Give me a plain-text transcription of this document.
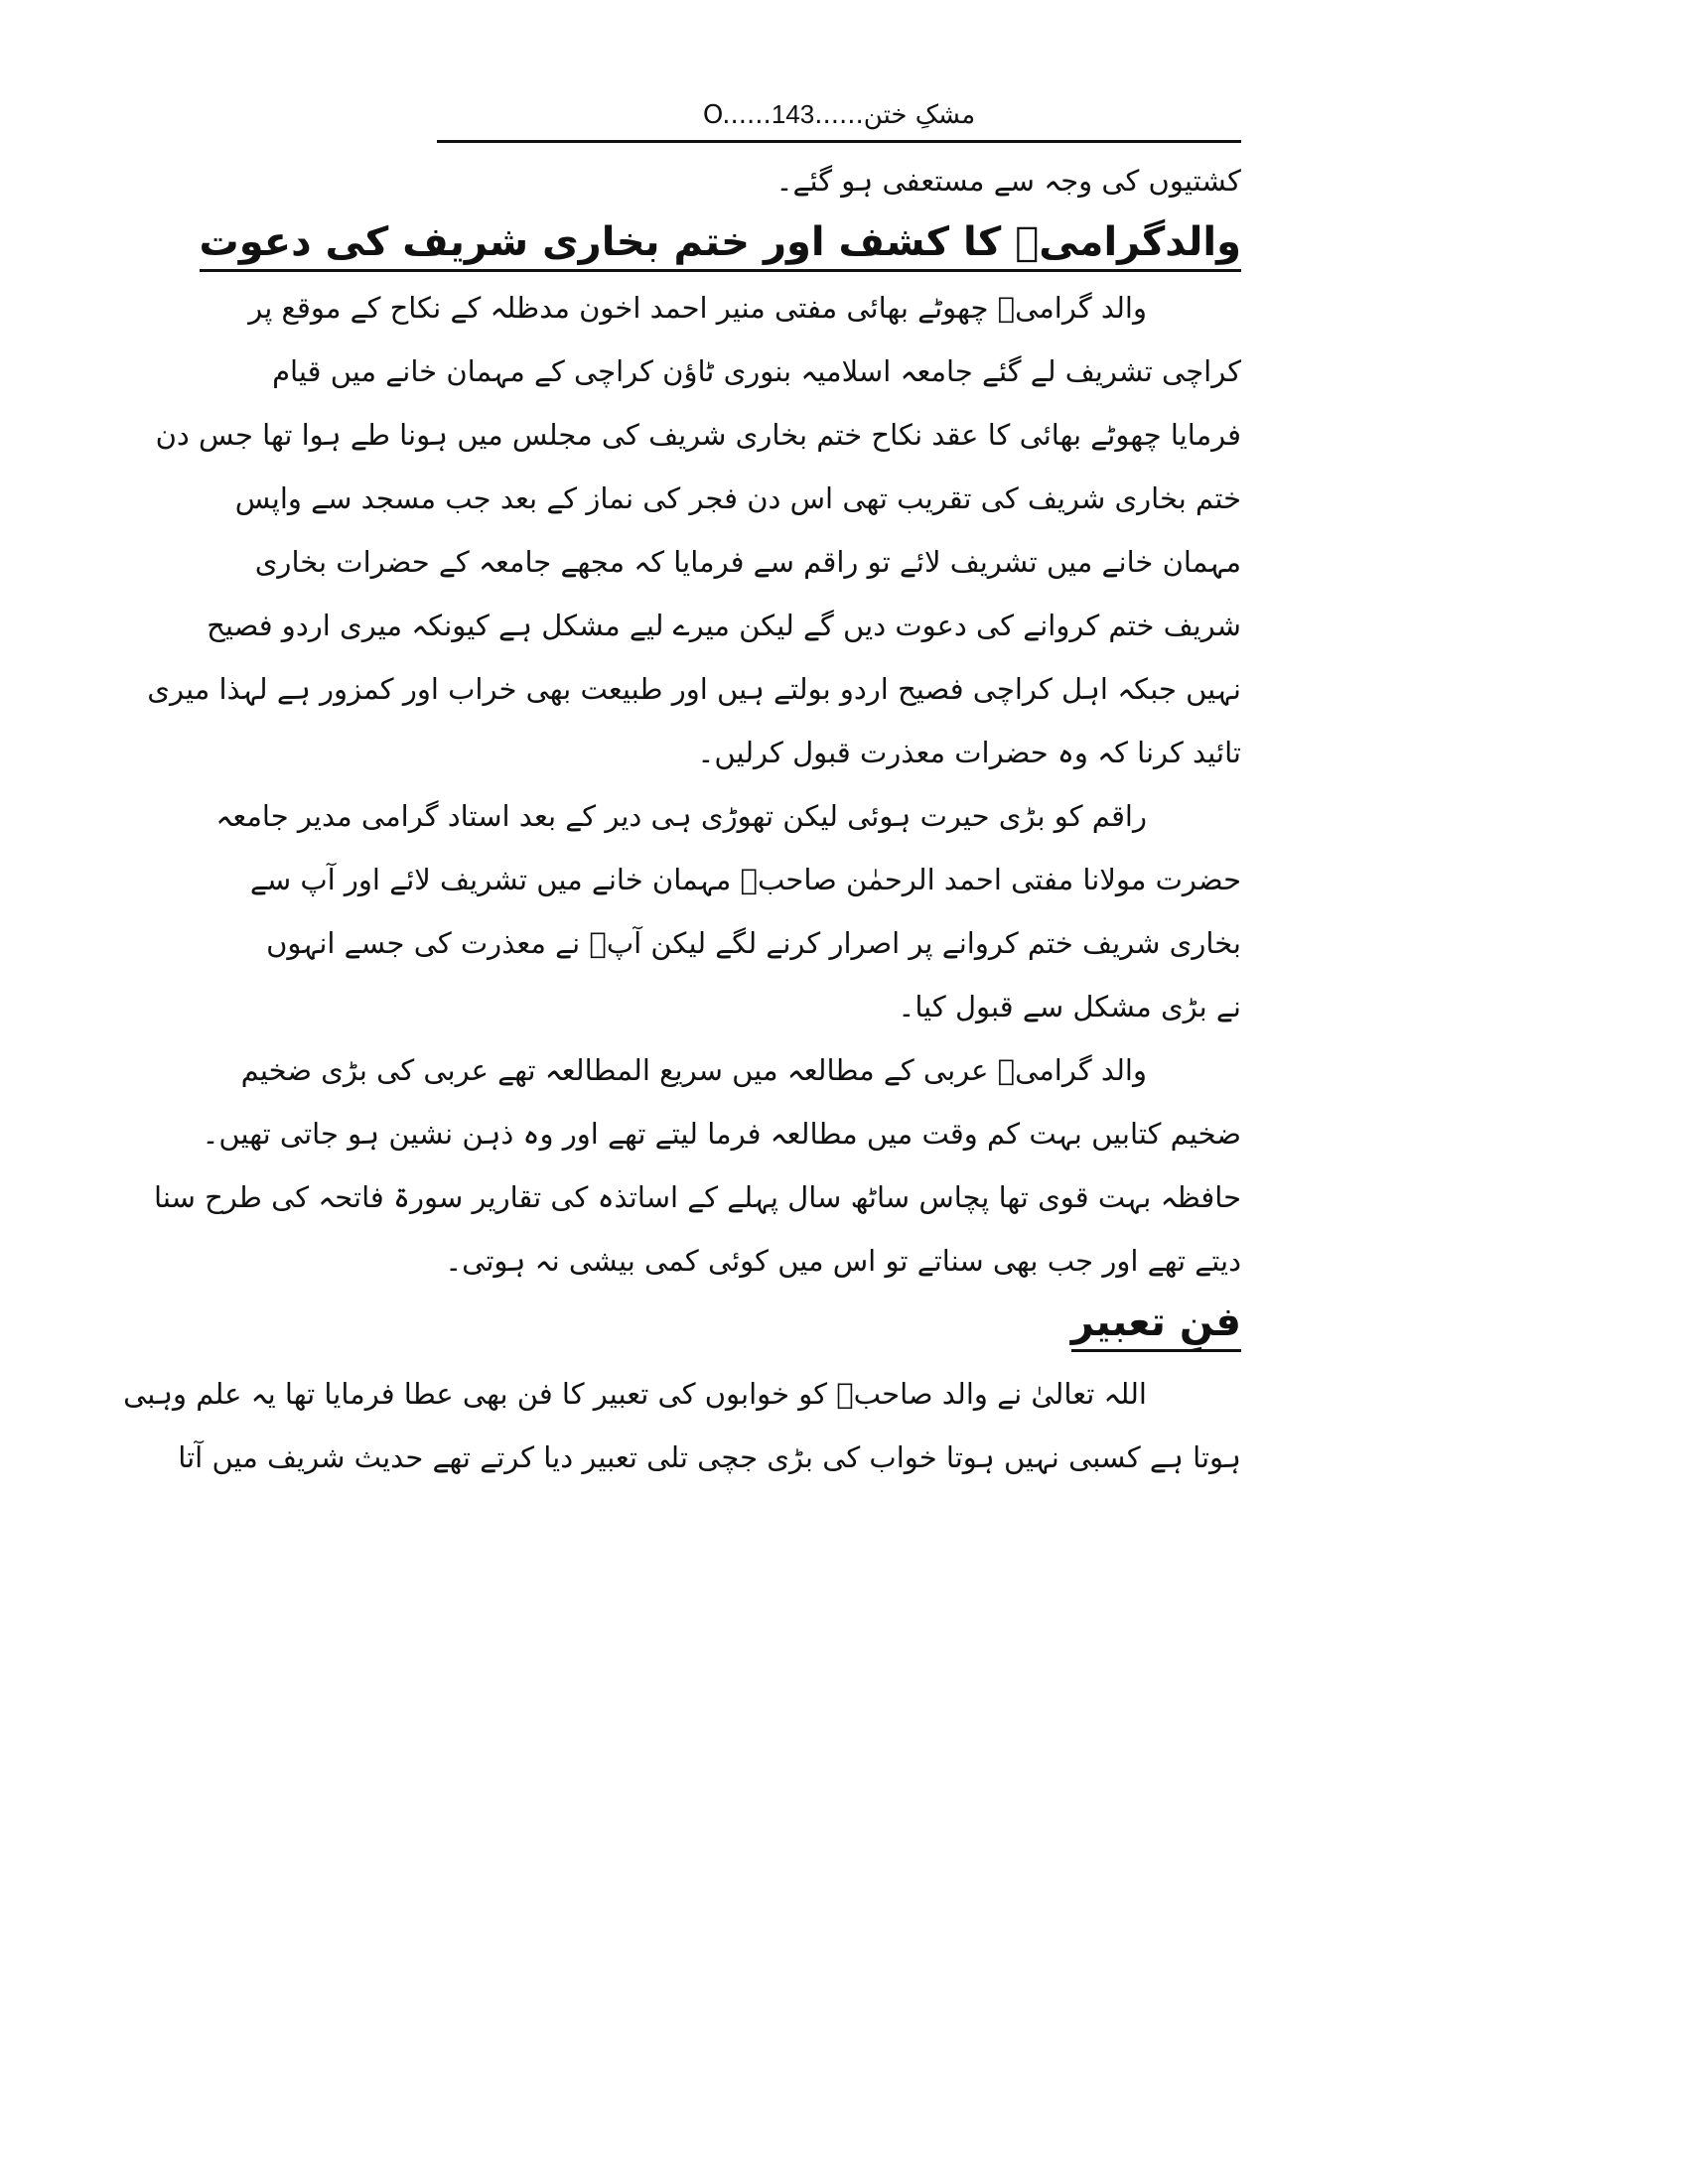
مشکِ ختن......O......143
کشتیوں کی وجہ سے مستعفی ہو گئے۔
والدگرامیؒ کا کشف اور ختم بخاری شریف کی دعوت
والد گرامیؒ چھوٹے بھائی مفتی منیر احمد اخون مدظلہ کے نکاح کے موقع پر
کراچی تشریف لے گئے جامعہ اسلامیہ بنوری ٹاؤن کراچی کے مہمان خانے میں قیام
فرمایا چھوٹے بھائی کا عقد نکاح ختم بخاری شریف کی مجلس میں ہونا طے ہوا تھا جس دن
ختم بخاری شریف کی تقریب تھی اس دن فجر کی نماز کے بعد جب مسجد سے واپس
مہمان خانے میں تشریف لائے تو راقم سے فرمایا کہ مجھے جامعہ کے حضرات بخاری
شریف ختم کروانے کی دعوت دیں گے لیکن میرے لیے مشکل ہے کیونکہ میری اردو فصیح
نہیں جبکہ اہل کراچی فصیح اردو بولتے ہیں اور طبیعت بھی خراب اور کمزور ہے لہذا میری
تائید کرنا کہ وہ حضرات معذرت قبول کرلیں۔
راقم کو بڑی حیرت ہوئی لیکن تھوڑی ہی دیر کے بعد استاد گرامی مدیر جامعہ
حضرت مولانا مفتی احمد الرحمٰن صاحبؒ مہمان خانے میں تشریف لائے اور آپ سے
بخاری شریف ختم کروانے پر اصرار کرنے لگے لیکن آپؒ نے معذرت کی جسے انہوں
نے بڑی مشکل سے قبول کیا۔
والد گرامیؒ عربی کے مطالعہ میں سریع المطالعہ تھے عربی کی بڑی ضخیم
ضخیم کتابیں بہت کم وقت میں مطالعہ فرما لیتے تھے اور وہ ذہن نشین ہو جاتی تھیں۔
حافظہ بہت قوی تھا پچاس ساٹھ سال پہلے کے اساتذہ کی تقاریر سورۃ فاتحہ کی طرح سنا
دیتے تھے اور جب بھی سناتے تو اس میں کوئی کمی بیشی نہ ہوتی۔
فنِ تعبیر
اللہ تعالیٰ نے والد صاحبؒ کو خوابوں کی تعبیر کا فن بھی عطا فرمایا تھا یہ علم وہبی
ہوتا ہے کسبی نہیں ہوتا خواب کی بڑی جچی تلی تعبیر دیا کرتے تھے حدیث شریف میں آتا
